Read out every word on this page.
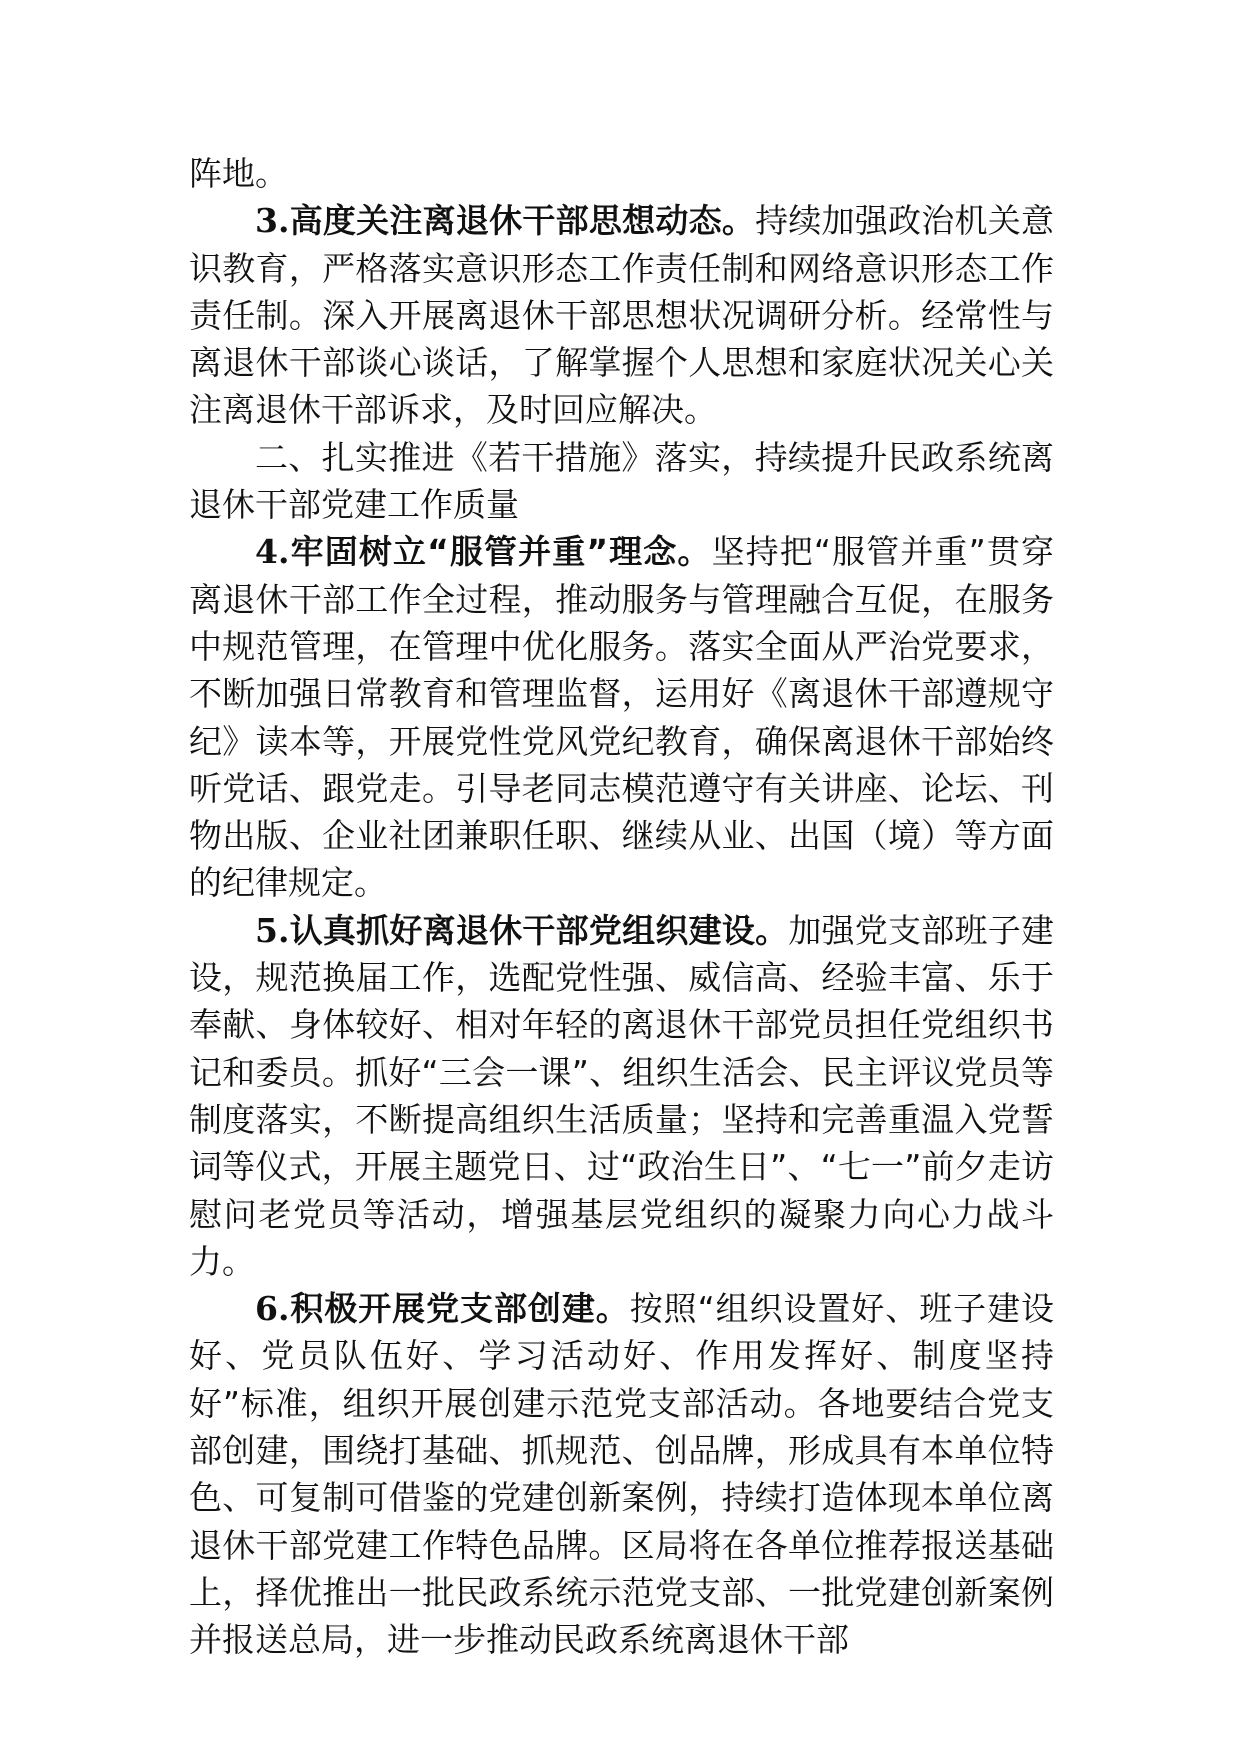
阵地。

3.高度关注离退休干部思想动态。持续加强政治机关意识教育，严格落实意识形态工作责任制和网络意识形态工作责任制。深入开展离退休干部思想状况调研分析。经常性与离退休干部谈心谈话，了解掌握个人思想和家庭状况关心关注离退休干部诉求，及时回应解决。

二、扎实推进《若干措施》落实，持续提升民政系统离退休干部党建工作质量

4.牢固树立“服管并重”理念。坚持把“服管并重”贯穿离退休干部工作全过程，推动服务与管理融合互促，在服务中规范管理，在管理中优化服务。落实全面从严治党要求，不断加强日常教育和管理监督，运用好《离退休干部遵规守纪》读本等，开展党性党风党纪教育，确保离退休干部始终听党话、跟党走。引导老同志模范遵守有关讲座、论坛、刊物出版、企业社团兼职任职、继续从业、出国（境）等方面的纪律规定。

5.认真抓好离退休干部党组织建设。加强党支部班子建设，规范换届工作，选配党性强、威信高、经验丰富、乐于奉献、身体较好、相对年轻的离退休干部党员担任党组织书记和委员。抓好“三会一课”、组织生活会、民主评议党员等制度落实，不断提高组织生活质量；坚持和完善重温入党誓词等仪式，开展主题党日、过“政治生日”、“七一”前夕走访慰问老党员等活动，增强基层党组织的凝聚力向心力战斗力。

6.积极开展党支部创建。按照“组织设置好、班子建设好、党员队伍好、学习活动好、作用发挥好、制度坚持好”标准，组织开展创建示范党支部活动。各地要结合党支部创建，围绕打基础、抓规范、创品牌，形成具有本单位特色、可复制可借鉴的党建创新案例，持续打造体现本单位离退休干部党建工作特色品牌。区局将在各单位推荐报送基础上，择优推出一批民政系统示范党支部、一批党建创新案例并报送总局，进一步推动民政系统离退休干部
